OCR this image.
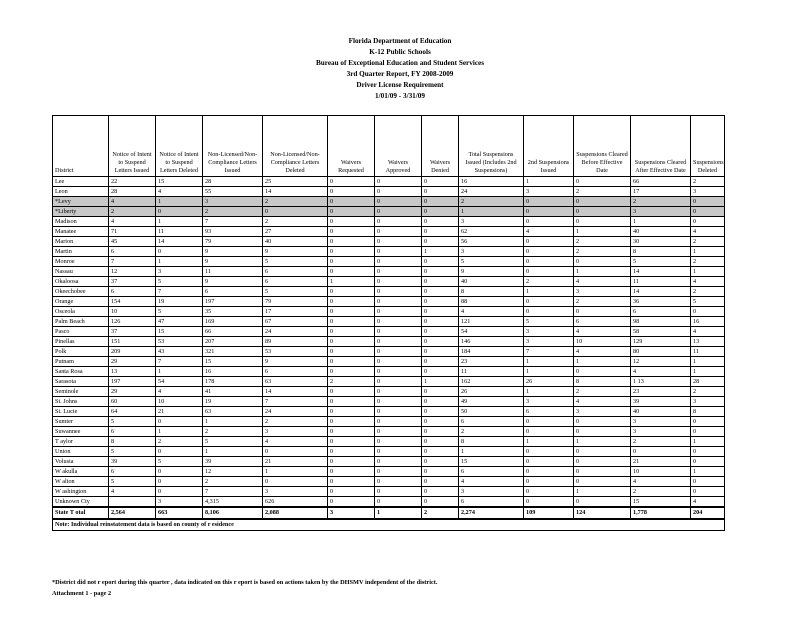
Florida Department of Education
K-12 Public Schools
Bureau of Exceptional Education and Student Services
3rd Quarter Report, FY 2008-2009
Driver License Requirement
1/01/09 - 3/31/09
District	Notice of Intent to Suspend Letters Issued	Notice of Intent to Suspend Letters Deleted	Non-Licensed/Non-Compliance Letters Issued	Non-Licensed/Non-Compliance Letters Deleted	Waivers Requested	Waivers Approved	Waivers Denied	Total Suspensions Issued (Includes 2nd Suspensions)	2nd Suspensions Issued	Suspensions Cleared Before Effective Date	Suspensions Cleared After Effective Date	Suspensions Deleted
Lee	22	15	28	25	0	0	0	16	1	0	66	2
Leon	28	4	55	14	0	0	0	24	3	2	17	3
*Levy	4	1	3	2	0	0	0	2	0	0	2	0
*Liberty	2	0	2	0	0	0	0	1	0	0	3	0
Madison	4	1	7	2	0	0	0	3	0	0	1	0
Manatee	71	11	93	27	0	0	0	62	4	1	40	4
Marion	45	14	79	40	0	0	0	56	0	2	30	2
Martin	6	0	9	9	0	0	1	3	0	2	8	1
Monroe	7	1	9	5	0	0	0	5	0	0	5	2
Nassau	12	3	11	6	0	0	0	9	0	1	14	1
Okaloosa	37	5	9	6	1	0	0	40	2	4	11	4
Okeechobee	6	7	6	5	0	0	0	8	1	3	14	2
Orange	154	19	197	79	0	0	0	88	0	2	36	5
Osceola	10	5	35	17	0	0	0	4	0	0	6	0
Palm Beach	126	47	169	67	0	0	0	121	5	6	98	16
Pasco	37	15	66	24	0	0	0	54	3	4	58	4
Pinellas	151	53	207	89	0	0	0	146	3	10	129	13
Polk	209	43	321	53	0	0	0	184	7	4	80	11
Putnam	29	7	15	9	0	0	0	23	1	1	12	1
Santa Rosa	13	1	16	6	0	0	0	11	1	0	4	1
Sarasota	197	54	178	63	2	0	1	162	26	8	1 13	28
Seminole	29	4	41	14	0	0	0	26	1	2	23	2
St. Johns	60	10	19	7	0	0	0	49	3	4	39	3
St. Lucie	64	21	63	24	0	0	0	50	6	3	40	8
Sumter	5	0	1	2	0	0	0	6	0	0	3	0
Suwannee	6	1	2	3	0	0	0	2	0	0	3	0
T aylor	8	2	5	4	0	0	0	8	1	1	2	1
Union	5	0	1	0	0	0	0	1	0	0	0	0
Volusia	39	5	39	21	0	0	0	15	0	0	21	0
W akulla	6	0	12	1	0	0	0	6	0	0	10	1
W alton	5	0	2	0	0	0	0	4	0	0	4	0
W ashington	4	0	7	3	0	0	0	3	0	1	2	0
Unknown Cty		3	4,315	626	0	0	0	6	0	0	15	4
State T otal	2,564	663	8,106	2,088	3	1	2	2,274	109	124	1,778	204
Note: Individual reinstatement data is based on county of r esidence												
*District did not r eport during this quarter , data indicated on this r eport is based on actions taken by the DHSMV independent of the district.
Attachment 1 - page 2
